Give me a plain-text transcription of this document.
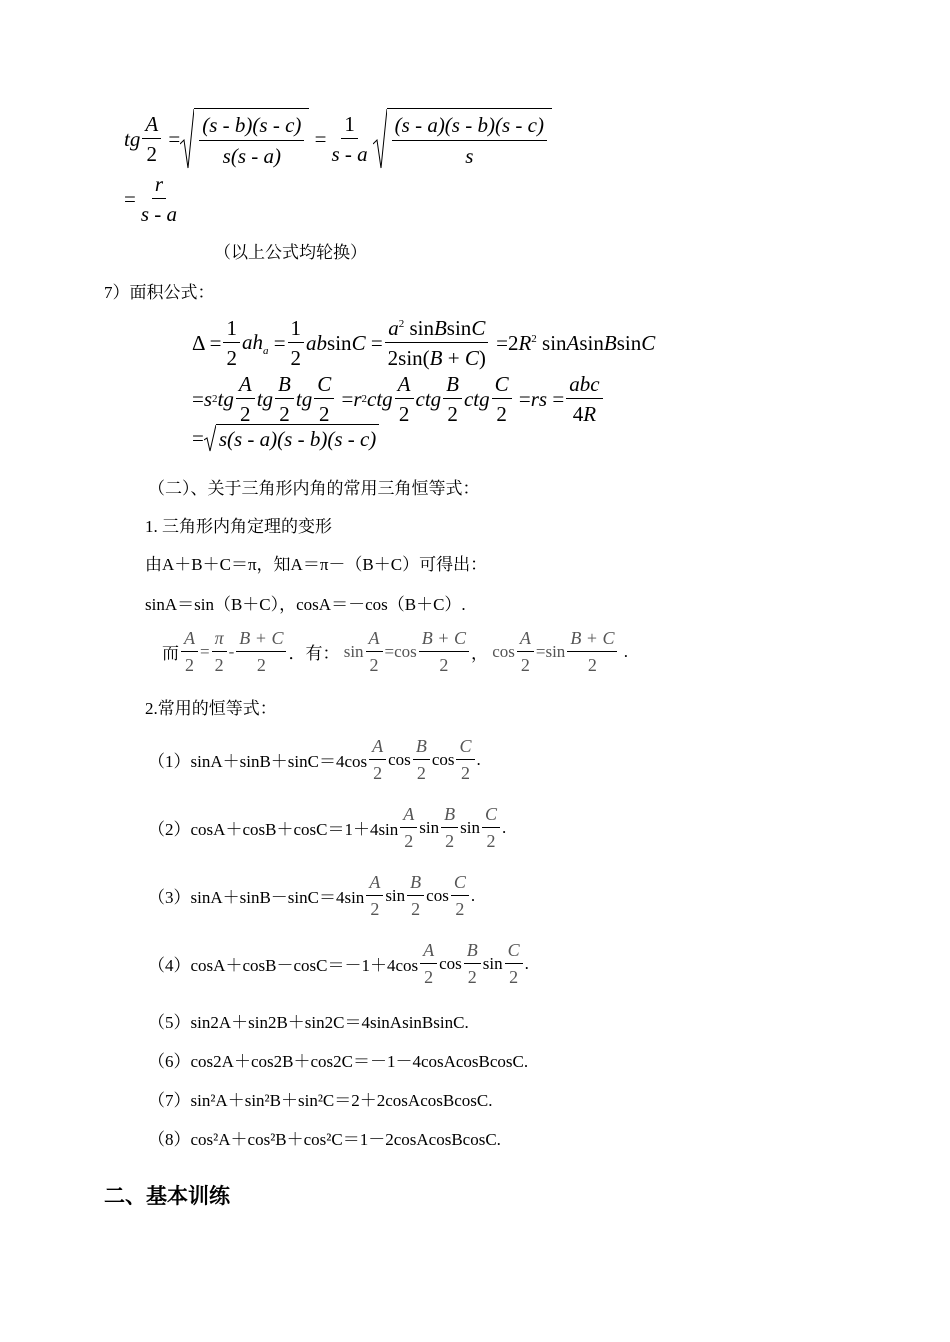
tg $\frac{A}{2} = \frac{(s - b)(s - c)}{s(s - a)} = \frac{1}{s - a} \frac{(s - a)(s - b)(s - c)}{s}$
= $\frac{r}{s - a}$
（以上公式均轮换）
7）面积公式：
$\Delta = \frac{1}{2} ah_a = \frac{1}{2}$ ab $\sin C = \frac{a^2 sinBsinC}{2\sin(B + C)} =2R^2$ sinAsinBsinC
= s 2 tg $\frac{A}{2}$ tg $\frac{B}{2}$ tg $\frac{C}{2} = r$ 2 ctg $\frac{A}{2}$ ctg $\frac{B}{2}$ ctg $\frac{C}{2}$ = rs = $\frac{\text{abc}}{4R}$
= s(s - a)(s - b)(s - c)
（二）、关于三角形内角的常用三角恒等式：
1. 三角形内角定理的变形
由A＋B＋C＝π，知A＝π－（B＋C）可得出：
sinA＝sin（B＋C），cosA＝－cos（B＋C）.
而 $\frac{A}{2} = \frac{\pi}{2} - \frac{B + C}{2}$ ．有： $\sin \frac{A}{2} =\cos \frac{B + C}{2}$ ， $\cos \frac{A}{2} =\sin \frac{B + C}{2}$ .
2.常用的恒等式：
（1） $\sin A+\sin B+\sin C=4\cos \frac{A}{2}$ $\cos \frac{B}{2}$ $\cos \frac{C}{2}$ .
（2） $\cos A+\cos B+\cos C=1+4\sin \frac{A}{2}$ $\sin \frac{B}{2}$ $\sin \frac{C}{2}$ .
（3） $\sin A+\sin B-\sin C=4\sin \frac{A}{2}$ $\sin \frac{B}{2}$ $\cos \frac{C}{2}$ .
（4） $\cos A+\cos B-\cos C=-1+4\cos \frac{A}{2}$ $\cos \frac{B}{2}$ $\sin \frac{C}{2}$ .
（5） sin2A＋sin2B＋sin2C＝4sinAsinBsinC.
（6） cos2A＋cos2B＋cos2C＝－1－4cosAcosBcosC.
（7） sin²A＋sin²B＋sin²C＝2＋2cosAcosBcosC.
（8） cos²A＋cos²B＋cos²C＝1－2cosAcosBcosC.
二、基本训练
